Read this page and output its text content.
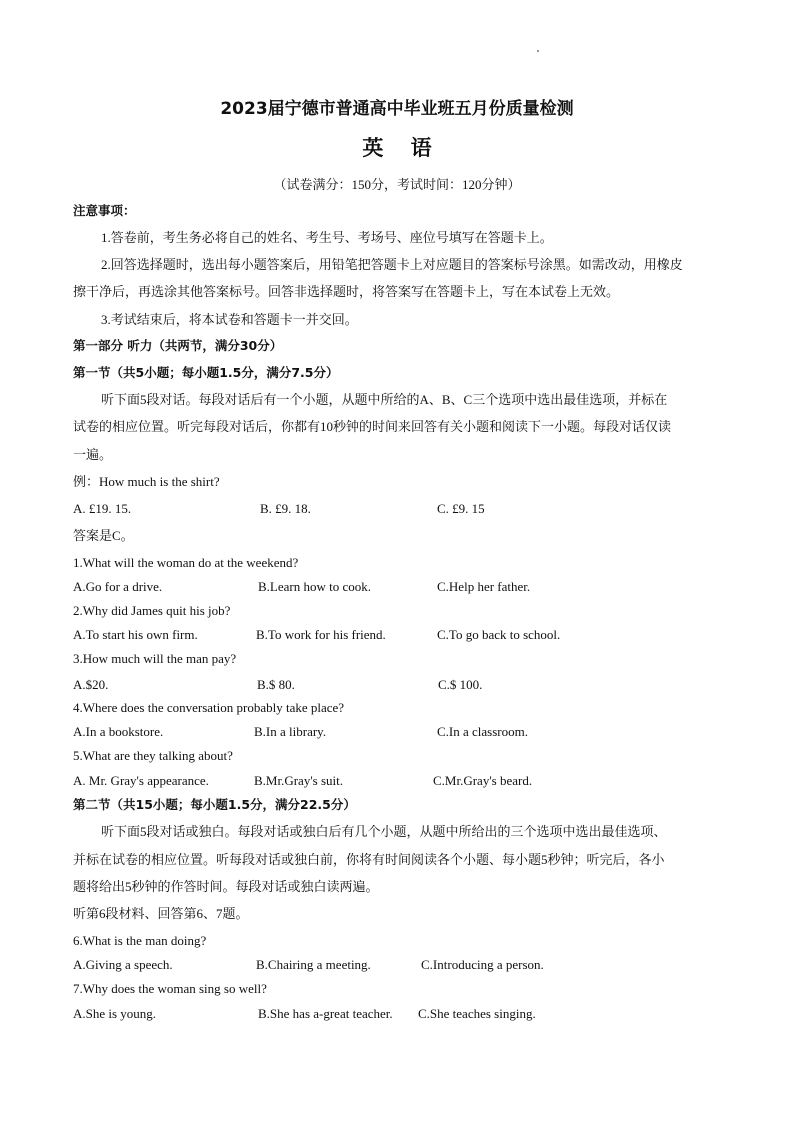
2023届宁德市普通高中毕业班五月份质量检测
英 语
（试卷满分：150分，考试时间：120分钟）
注意事项：
1.答卷前，考生务必将自己的姓名、考生号、考场号、座位号填写在答题卡上。
2.回答选择题时，选出每小题答案后，用铅笔把答题卡上对应题目的答案标号涂黑。如需改动，用橡皮
擦干净后，再选涂其他答案标号。回答非选择题时，将答案写在答题卡上，写在本试卷上无效。
3.考试结束后，将本试卷和答题卡一并交回。
第一部分 听力（共两节，满分30分）
第一节（共5小题；每小题1.5分，满分7.5分）
听下面5段对话。每段对话后有一个小题，从题中所给的A、B、C三个选项中选出最佳选项，并标在
试卷的相应位置。听完每段对话后，你都有10秒钟的时间来回答有关小题和阅读下一小题。每段对话仅读
一遍。
例：How much is the shirt?
A. £19. 15.	B. £9. 18.	C. £9. 15
答案是C。
1.What will the woman do at the weekend?
A.Go for a drive.	B.Learn how to cook.	C.Help her father.
2.Why did James quit his job?
A.To start his own firm.	B.To work for his friend.	C.To go back to school.
3.How much will the man pay?
A.$20.	B.$ 80.	C.$ 100.
4.Where does the conversation probably take place?
A.In a bookstore.	B.In a library.	C.In a classroom.
5.What are they talking about?
A. Mr. Gray's appearance.	B.Mr.Gray's suit.	C.Mr.Gray's beard.
第二节（共15小题；每小题1.5分，满分22.5分）
听下面5段对话或独白。每段对话或独白后有几个小题，从题中所给出的三个选项中选出最佳选项、
并标在试卷的相应位置。听每段对话或独白前，你将有时间阅读各个小题、每小题5秒钟；听完后，各小
题将给出5秒钟的作答时间。每段对话或独白读两遍。
听第6段材料、回答第6、7题。
6.What is the man doing?
A.Giving a speech.	B.Chairing a meeting.	C.Introducing a person.
7.Why does the woman sing so well?
A.She is young.	B.She has a-great teacher. C.She teaches singing.
